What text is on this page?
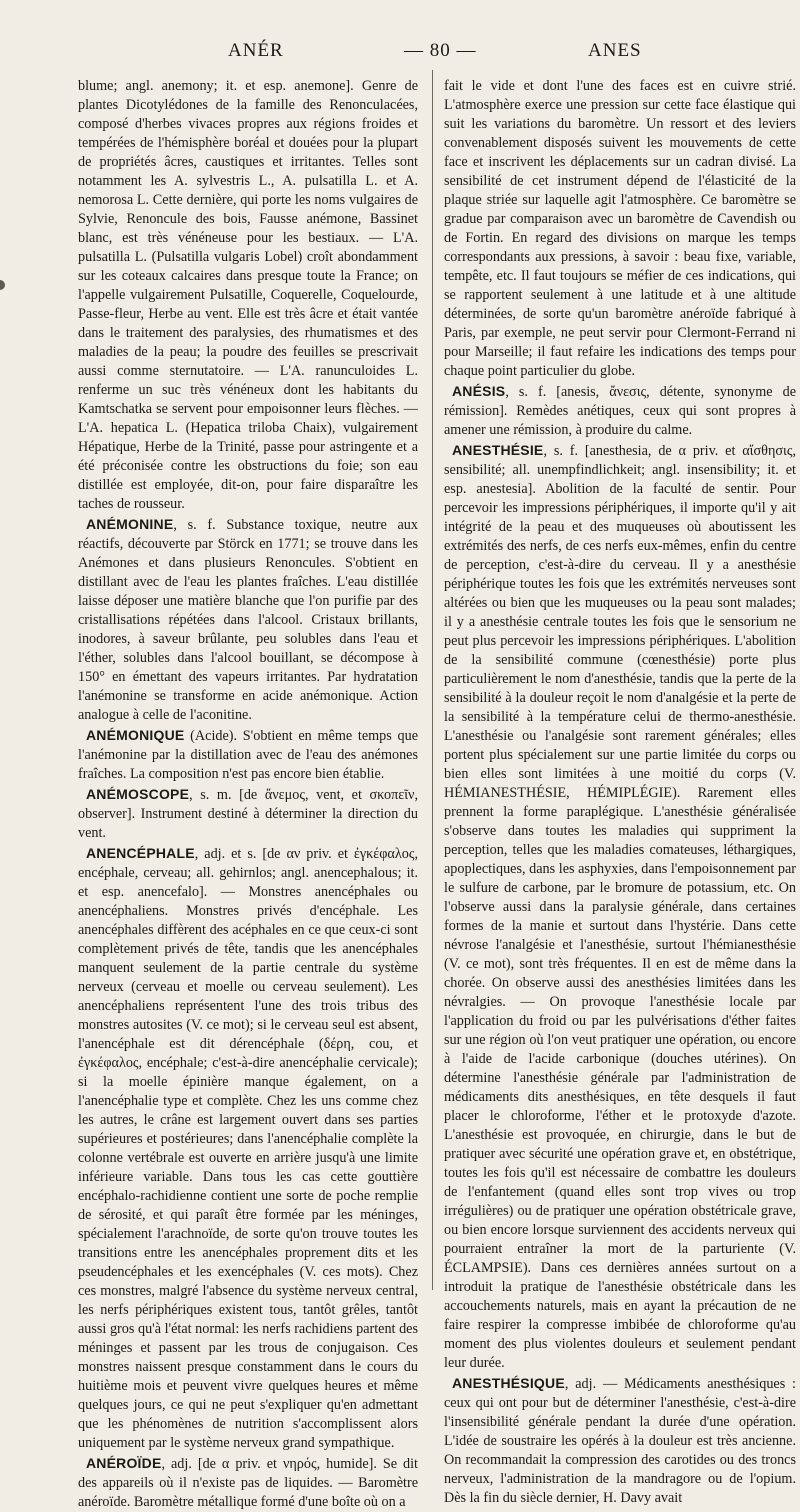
ANÉR	— 80 —	ANES

blume; angl. anemony; it. et esp. anemone]. Genre de plantes Dicotylédones de la famille des Renonculacées, composé d'herbes vivaces propres aux régions froides et tempérées de l'hémisphère boréal et douées pour la plupart de propriétés âcres, caustiques et irritantes. Telles sont notamment les A. sylvestris L., A. pulsatilla L. et A. nemorosa L. Cette dernière, qui porte les noms vulgaires de Sylvie, Renoncule des bois, Fausse anémone, Bassinet blanc, est très vénéneuse pour les bestiaux. — L'A. pulsatilla L. (Pulsatilla vulgaris Lobel) croît abondamment sur les coteaux calcaires dans presque toute la France; on l'appelle vulgairement Pulsatille, Coquerelle, Coquelourde, Passe-fleur, Herbe au vent. Elle est très âcre et était vantée dans le traitement des paralysies, des rhumatismes et des maladies de la peau; la poudre des feuilles se prescrivait aussi comme sternutatoire. — L'A. ranunculoides L. renferme un suc très vénéneux dont les habitants du Kamtschatka se servent pour empoisonner leurs flèches. — L'A. hepatica L. (Hepatica triloba Chaix), vulgairement Hépatique, Herbe de la Trinité, passe pour astringente et a été préconisée contre les obstructions du foie; son eau distillée est employée, dit-on, pour faire disparaître les taches de rousseur.

ANÉMONINE, s. f. Substance toxique, neutre aux réactifs, découverte par Störck en 1771; se trouve dans les Anémones et dans plusieurs Renoncules. S'obtient en distillant avec de l'eau les plantes fraîches. L'eau distillée laisse déposer une matière blanche que l'on purifie par des cristallisations répétées dans l'alcool. Cristaux brillants, inodores, à saveur brûlante, peu solubles dans l'eau et l'éther, solubles dans l'alcool bouillant, se décompose à 150° en émettant des vapeurs irritantes. Par hydratation l'anémonine se transforme en acide anémonique. Action analogue à celle de l'aconitine.

ANÉMONIQUE (Acide). S'obtient en même temps que l'anémonine par la distillation avec de l'eau des anémones fraîches. La composition n'est pas encore bien établie.

ANÉMOSCOPE, s. m. [de ἄνεμος, vent, et σκοπεῖν, observer]. Instrument destiné à déterminer la direction du vent.

ANENCÉPHALE, adj. et s. [de αν priv. et ἐγκέφαλος, encéphale, cerveau; all. gehirnlos; angl. anencephalous; it. et esp. anencefalo]. — Monstres anencéphales ou anencéphaliens. Monstres privés d'encéphale. Les anencéphales diffèrent des acéphales en ce que ceux-ci sont complètement privés de tête, tandis que les anencéphales manquent seulement de la partie centrale du système nerveux (cerveau et moelle ou cerveau seulement). Les anencéphaliens représentent l'une des trois tribus des monstres autosites (V. ce mot); si le cerveau seul est absent, l'anencéphale est dit dérencéphale (δέρη, cou, et ἐγκέφαλος, encéphale; c'est-à-dire anencéphalie cervicale); si la moelle épinière manque également, on a l'anencéphalie type et complète. Chez les uns comme chez les autres, le crâne est largement ouvert dans ses parties supérieures et postérieures; dans l'anencéphalie complète la colonne vertébrale est ouverte en arrière jusqu'à une limite inférieure variable. Dans tous les cas cette gouttière encéphalo-rachidienne contient une sorte de poche remplie de sérosité, et qui paraît être formée par les méninges, spécialement l'arachnoïde, de sorte qu'on trouve toutes les transitions entre les anencéphales proprement dits et les pseudencéphales et les exencéphales (V. ces mots). Chez ces monstres, malgré l'absence du système nerveux central, les nerfs périphériques existent tous, tantôt grêles, tantôt aussi gros qu'à l'état normal: les nerfs rachidiens partent des méninges et passent par les trous de conjugaison. Ces monstres naissent presque constamment dans le cours du huitième mois et peuvent vivre quelques heures et même quelques jours, ce qui ne peut s'expliquer qu'en admettant que les phénomènes de nutrition s'accomplissent alors uniquement par le système nerveux grand sympathique.

ANÉROÏDE, adj. [de α priv. et νηρός, humide]. Se dit des appareils où il n'existe pas de liquides. — Baromètre anéroïde. Baromètre métallique formé d'une boîte où on a

fait le vide et dont l'une des faces est en cuivre strié. L'atmosphère exerce une pression sur cette face élastique qui suit les variations du baromètre. Un ressort et des leviers convenablement disposés suivent les mouvements de cette face et inscrivent les déplacements sur un cadran divisé. La sensibilité de cet instrument dépend de l'élasticité de la plaque striée sur laquelle agit l'atmosphère. Ce baromètre se gradue par comparaison avec un baromètre de Cavendish ou de Fortin. En regard des divisions on marque les temps correspondants aux pressions, à savoir : beau fixe, variable, tempête, etc. Il faut toujours se méfier de ces indications, qui se rapportent seulement à une latitude et à une altitude déterminées, de sorte qu'un baromètre anéroïde fabriqué à Paris, par exemple, ne peut servir pour Clermont-Ferrand ni pour Marseille; il faut refaire les indications des temps pour chaque point particulier du globe.

ANÉSIS, s. f. [anesis, ἄνεσις, détente, synonyme de rémission]. Remèdes anétiques, ceux qui sont propres à amener une rémission, à produire du calme.

ANESTHÉSIE, s. f. [anesthesia, de α priv. et αἴσθησις, sensibilité; all. unempfindlichkeit; angl. insensibility; it. et esp. anestesia]. Abolition de la faculté de sentir. Pour percevoir les impressions périphériques, il importe qu'il y ait intégrité de la peau et des muqueuses où aboutissent les extrémités des nerfs, de ces nerfs eux-mêmes, enfin du centre de perception, c'est-à-dire du cerveau. Il y a anesthésie périphérique toutes les fois que les extrémités nerveuses sont altérées ou bien que les muqueuses ou la peau sont malades; il y a anesthésie centrale toutes les fois que le sensorium ne peut plus percevoir les impressions périphériques. L'abolition de la sensibilité commune (cœnesthésie) porte plus particulièrement le nom d'anesthésie, tandis que la perte de la sensibilité à la douleur reçoit le nom d'analgésie et la perte de la sensibilité à la température celui de thermo-anesthésie. L'anesthésie ou l'analgésie sont rarement générales; elles portent plus spécialement sur une partie limitée du corps ou bien elles sont limitées à une moitié du corps (V. HÉMIANESTHÉSIE, HÉMIPLÉGIE). Rarement elles prennent la forme paraplégique. L'anesthésie généralisée s'observe dans toutes les maladies qui suppriment la perception, telles que les maladies comateuses, léthargiques, apoplectiques, dans les asphyxies, dans l'empoisonnement par le sulfure de carbone, par le bromure de potassium, etc. On l'observe aussi dans la paralysie générale, dans certaines formes de la manie et surtout dans l'hystérie. Dans cette névrose l'analgésie et l'anesthésie, surtout l'hémianesthésie (V. ce mot), sont très fréquentes. Il en est de même dans la chorée. On observe aussi des anesthésies limitées dans les névralgies. — On provoque l'anesthésie locale par l'application du froid ou par les pulvérisations d'éther faites sur une région où l'on veut pratiquer une opération, ou encore à l'aide de l'acide carbonique (douches utérines). On détermine l'anesthésie générale par l'administration de médicaments dits anesthésiques, en tête desquels il faut placer le chloroforme, l'éther et le protoxyde d'azote. L'anesthésie est provoquée, en chirurgie, dans le but de pratiquer avec sécurité une opération grave et, en obstétrique, toutes les fois qu'il est nécessaire de combattre les douleurs de l'enfantement (quand elles sont trop vives ou trop irrégulières) ou de pratiquer une opération obstétricale grave, ou bien encore lorsque surviennent des accidents nerveux qui pourraient entraîner la mort de la parturiente (V. ÉCLAMPSIE). Dans ces dernières années surtout on a introduit la pratique de l'anesthésie obstétricale dans les accouchements naturels, mais en ayant la précaution de ne faire respirer la compresse imbibée de chloroforme qu'au moment des plus violentes douleurs et seulement pendant leur durée.

ANESTHÉSIQUE, adj. — Médicaments anesthésiques : ceux qui ont pour but de déterminer l'anesthésie, c'est-à-dire l'insensibilité générale pendant la durée d'une opération. L'idée de soustraire les opérés à la douleur est très ancienne. On recommandait la compression des carotides ou des troncs nerveux, l'administration de la mandragore ou de l'opium. Dès la fin du siècle dernier, H. Davy avait
